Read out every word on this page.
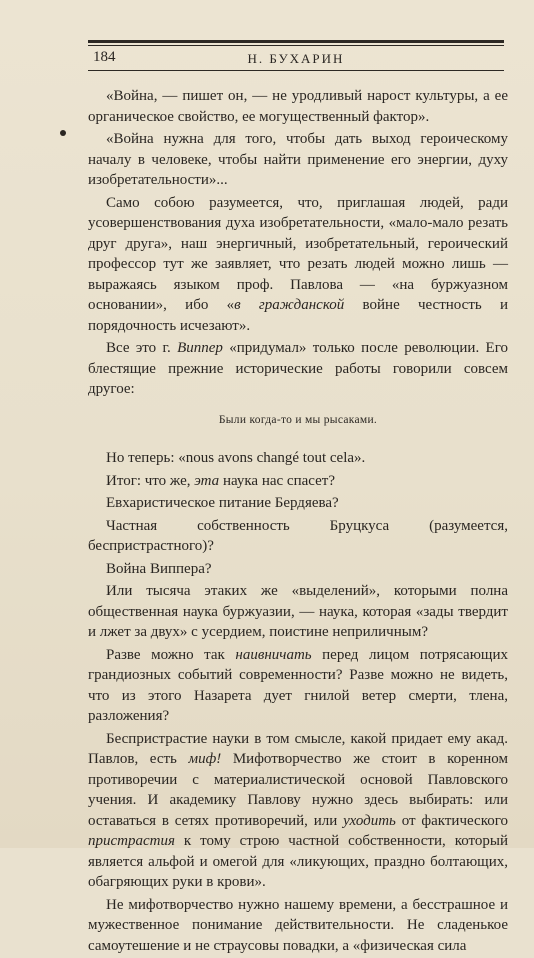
184	Н. БУХАРИН

«Война, — пишет он, — не уродливый нарост культуры, а ее органическое свойство, ее могущественный фактор».

«Война нужна для того, чтобы дать выход героическому началу в человеке, чтобы найти применение его энергии, духу изобретательности»...

Само собою разумеется, что, приглашая людей, ради усовершенствования духа изобретательности, «мало-мало резать друг друга», наш энергичный, изобретательный, героический профессор тут же заявляет, что резать людей можно лишь — выражаясь языком проф. Павлова — «на буржуазном основании», ибо «в гражданской войне честность и порядочность исчезают».

Все это г. Виппер «придумал» только после революции. Его блестящие прежние исторические работы говорили совсем другое:

Были когда-то и мы рысаками.

Но теперь: «nous avons changé tout cela».

Итог: что же, эта наука нас спасет?

Евхаристическое питание Бердяева?

Частная собственность Бруцкуса (разумеется, беспристрастного)?

Война Виппера?

Или тысяча этаких же «выделений», которыми полна общественная наука буржуазии, — наука, которая «зады твердит и лжет за двух» с усердием, поистине неприличным?

Разве можно так наивничать перед лицом потрясающих грандиозных событий современности? Разве можно не видеть, что из этого Назарета дует гнилой ветер смерти, тлена, разложения?

Беспристрастие науки в том смысле, какой придает ему акад. Павлов, есть миф! Мифотворчество же стоит в коренном противоречии с материалистической основой Павловского учения. И академику Павлову нужно здесь выбирать: или оставаться в сетях противоречий, или уходить от фактического пристрастия к тому строю частной собственности, который является альфой и омегой для «ликующих, праздно болтающих, обагряющих руки в крови».

Не мифотворчество нужно нашему времени, а бесстрашное и мужественное понимание действительности. Не сладенькое самоутешение и не страусовы повадки, а «физическая сила
